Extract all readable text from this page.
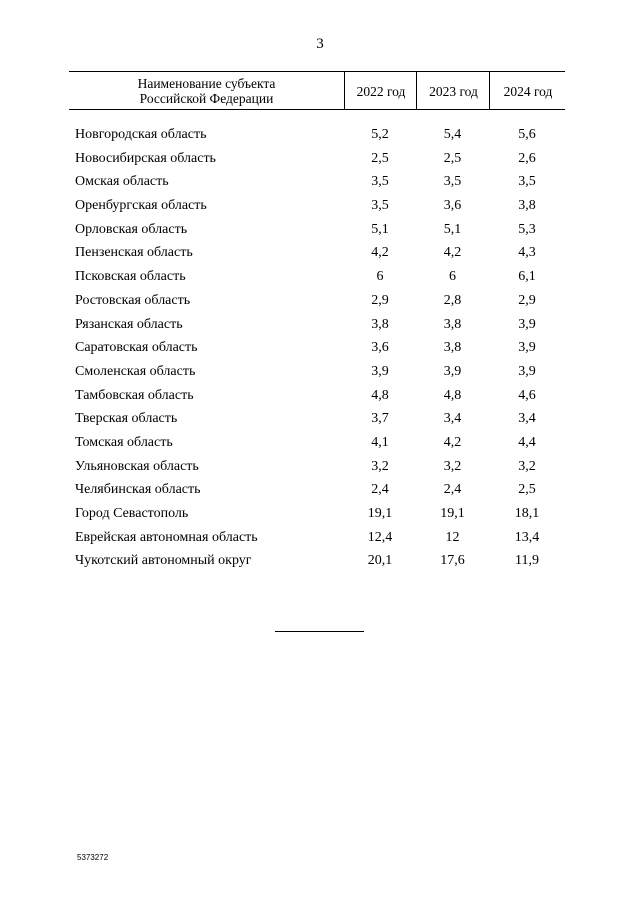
3
Наименование субъекта
Российской Федерации	2022 год 2023 год 2024 год
Новгородская область	5,2	5,4	5,6
Новосибирская область	2,5	2,5	2,6
Омская область	3,5	3,5	3,5
Оренбургская область	3,5	3,6	3,8
Орловская область	5,1	5,1	5,3
Пензенская область	4,2	4,2	4,3
Псковская область	6	6	6,1
Ростовская область	2,9	2,8	2,9
Рязанская область	3,8	3,8	3,9
Саратовская область	3,6	3,8	3,9
Смоленская область	3,9	3,9	3,9
Тамбовская область	4,8	4,8	4,6
Тверская область	3,7	3,4	3,4
Томская область	4,1	4,2	4,4
Ульяновская область	3,2	3,2	3,2
Челябинская область	2,4	2,4	2,5
Город Севастополь	19,1	19,1	18,1
Еврейская автономная область	12,4	12	13,4
Чукотский автономный округ	20,1	17,6	11,9
5373272
